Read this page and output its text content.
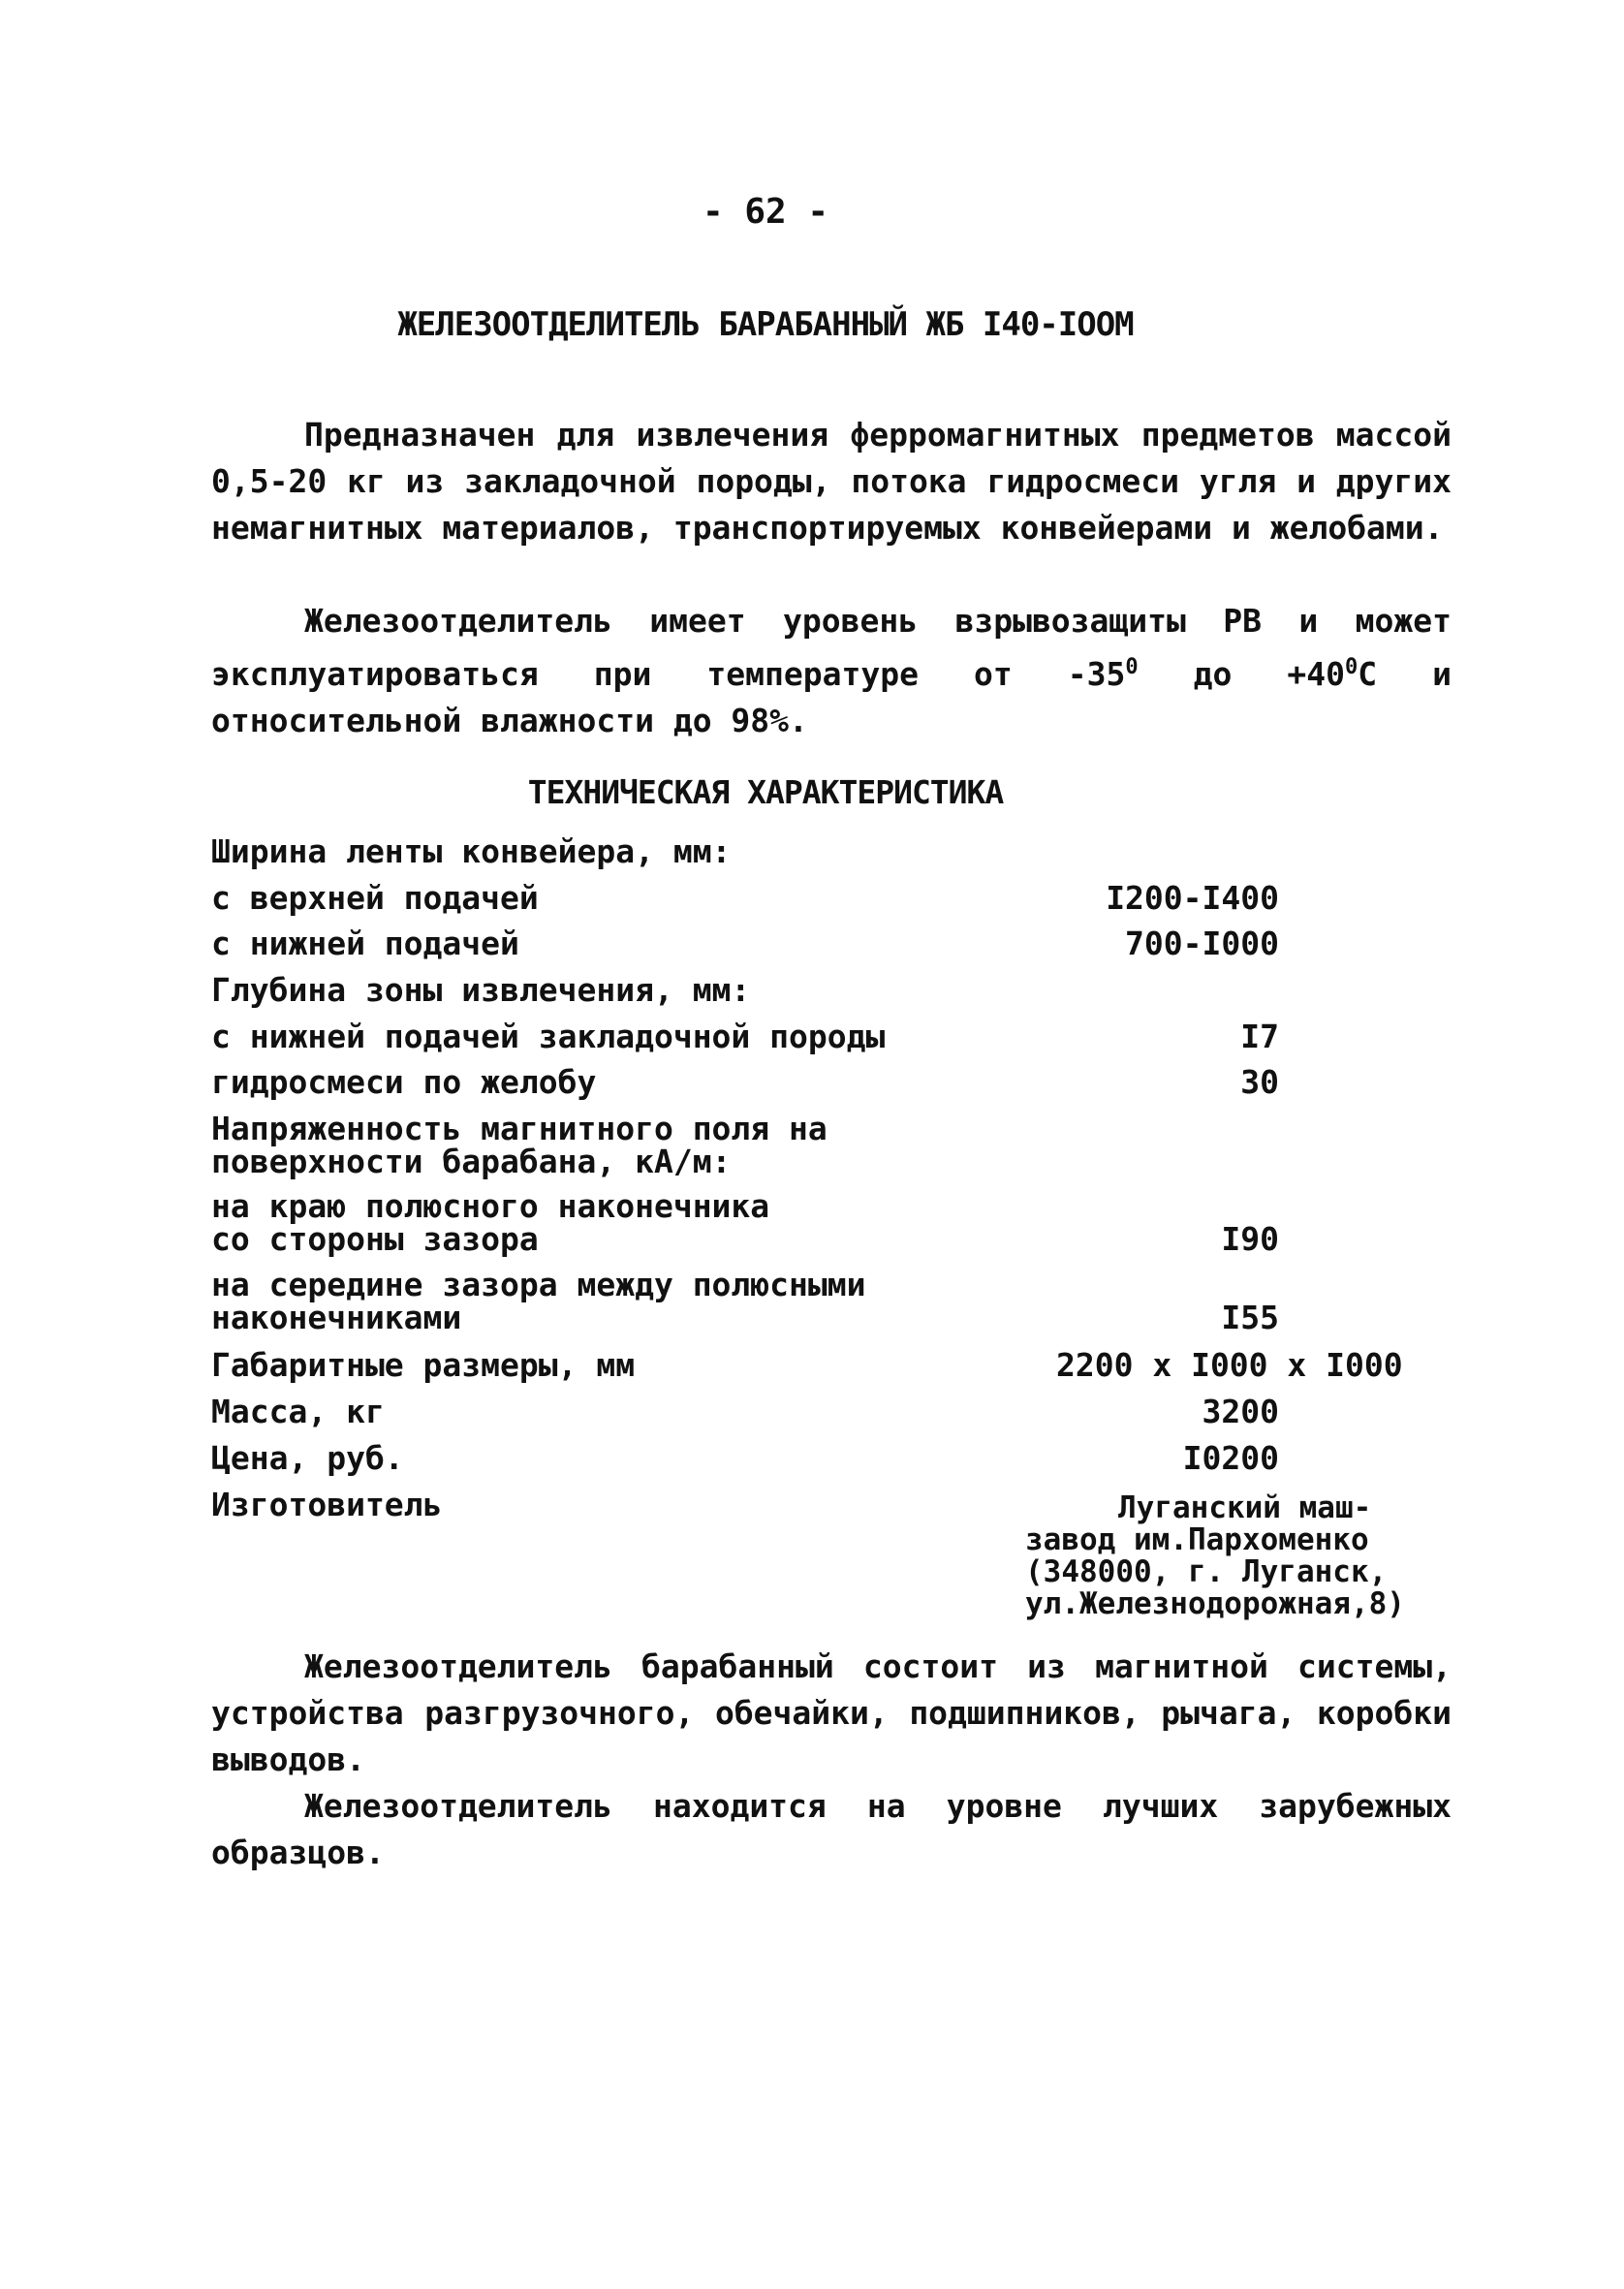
- 62 -
ЖЕЛЕЗООТДЕЛИТЕЛЬ БАРАБАННЫЙ ЖБ I40-IOOM

Предназначен для извлечения ферромагнитных предметов массой 0,5-20 кг из закладочной породы, потока гидросмеси угля и других немагнитных материалов, транспортируемых конвейерами и желобами.

Железоотделитель имеет уровень взрывозащиты РВ и может эксплуатироваться при температуре от $-35^0$ до $+40^0С$ и относительной влажности до 98%.

ТЕХНИЧЕСКАЯ ХАРАКТЕРИСТИКА
Ширина ленты конвейера, мм:
с верхней подачей	I200-I400
с нижней подачей	700-I000
Глубина зоны извлечения, мм:
с нижней подачей закладочной породы	I7
гидросмеси по желобу	30
Напряженность магнитного поля на
поверхности барабана, кА/м:
на краю полюсного наконечника
со стороны зазора	I90
на середине зазора между полюсными
наконечниками	I55
Габаритные размеры, мм	2200 x I000 x I000
Масса, кг	3200
Цена, руб.	I0200
Изготовитель	Луганский маш-
завод им.Пархоменко
(348000, г. Луганск,
ул.Железнодорожная,8)

Железоотделитель барабанный состоит из магнитной системы, устройства разгрузочного, обечайки, подшипников, рычага, коробки выводов.

Железоотделитель находится на уровне лучших зарубежных образцов.
